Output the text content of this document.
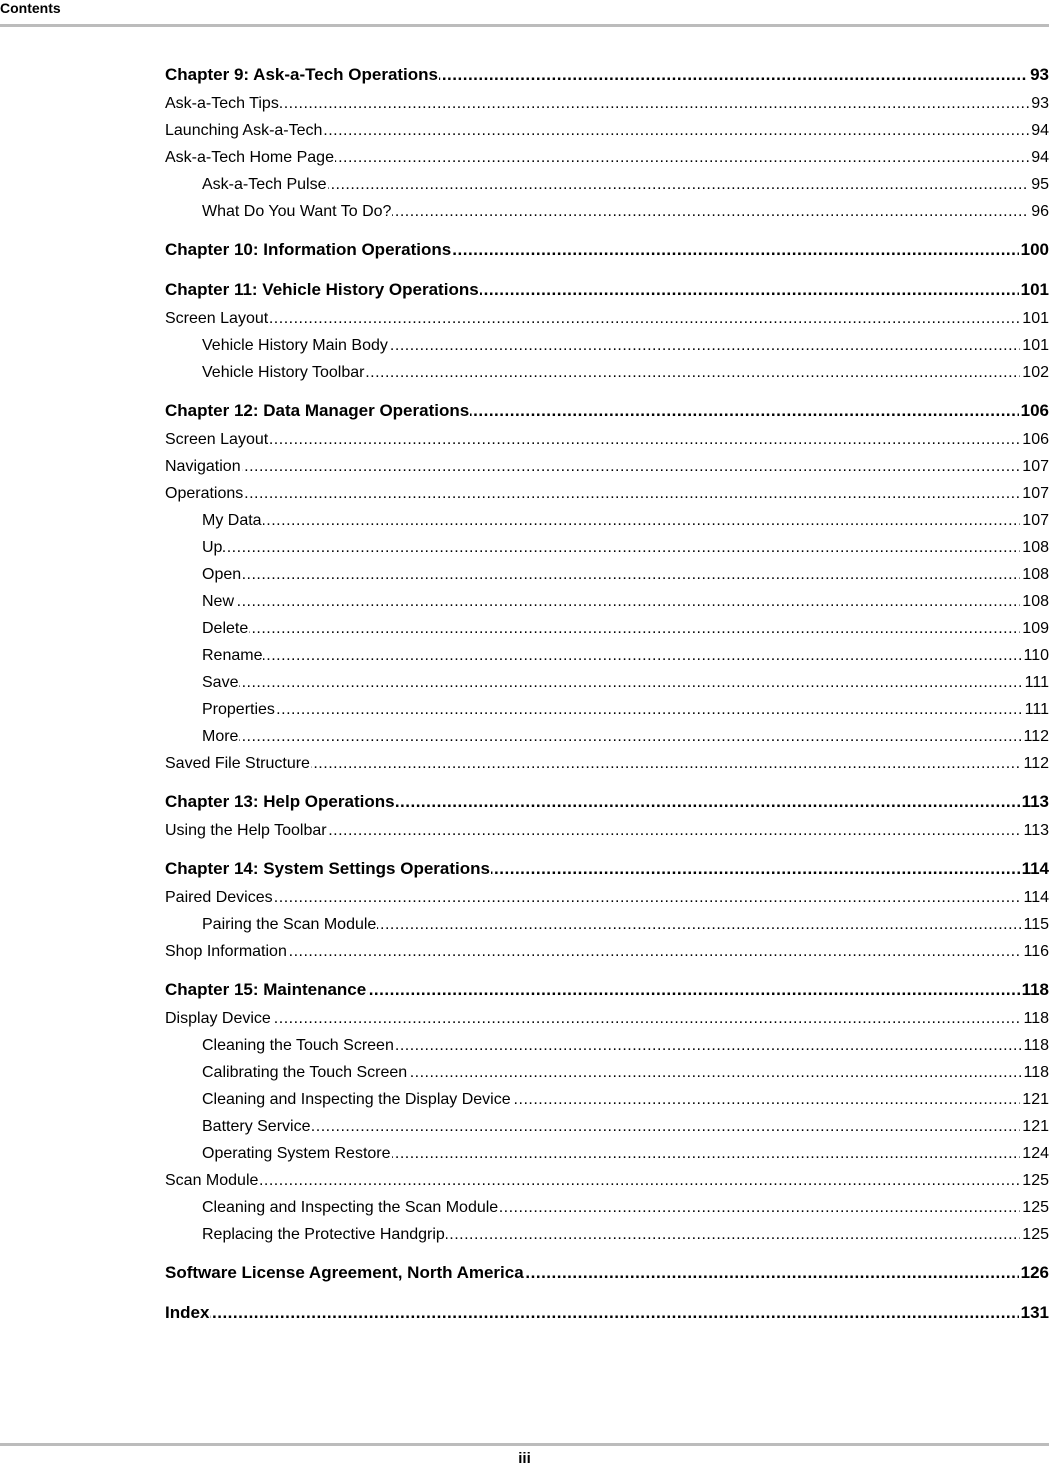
Contents
.....
Chapter 9: Ask-a-Tech Operations	93
.....
Ask-a-Tech Tips	93
.....
Launching Ask-a-Tech	94
.....
Ask-a-Tech Home Page	94
.....
Ask-a-Tech Pulse	95
.....
What Do You Want To Do?	96
.....
Chapter 10: Information Operations	100
.....
Chapter 11: Vehicle History Operations	101
.....
Screen Layout	101
.....
Vehicle History Main Body	101
.....
Vehicle History Toolbar	102
.....
Chapter 12: Data Manager Operations	106
.....
Screen Layout	106
.....
Navigation	107
.....
Operations	107
.....
My Data	107
.....
Up	108
.....
Open	108
.....
New	108
.....
Delete	109
.....
Rename	110
.....
Save	111
.....
Properties	111
.....
More	112
.....
Saved File Structure	112
.....
Chapter 13: Help Operations	113
.....
Using the Help Toolbar	113
.....
Chapter 14: System Settings Operations	114
.....
Paired Devices	114
.....
Pairing the Scan Module	115
.....
Shop Information	116
.....
Chapter 15: Maintenance	118
.....
Display Device	118
.....
Cleaning the Touch Screen	118
.....
Calibrating the Touch Screen	118
.....
Cleaning and Inspecting the Display Device	121
.....
Battery Service	121
.....
Operating System Restore	124
.....
Scan Module	125
.....
Cleaning and Inspecting the Scan Module	125
.....
Replacing the Protective Handgrip	125
.....
Software License Agreement, North America	126
.....
Index	131
iii
